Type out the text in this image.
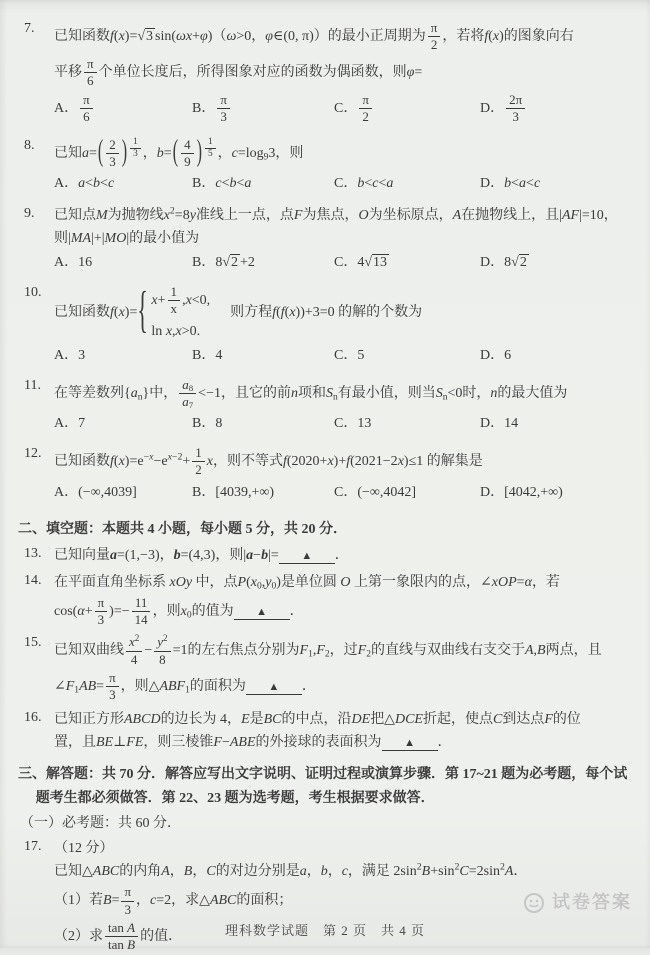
7.
已知函数f(x)=√3 sin(ωx+φ)（ω>0，φ∈(0, π)）的最小正周期为 $\frac{\pi}{2}$ ，若将f(x)的图象向右
平移 $\frac{\pi}{6}$ 个单位长度后，所得图象对应的函数为偶函数，则φ=
A． $\frac{\pi}{6}$	B． $\frac{\pi}{3}$	C． $\frac{\pi}{2}$	D． $\frac{2\pi}{3}$
8.
已知a= ( $\frac{2}{3}$ ) $^{\frac{1}{3}}$ ，b= ( $\frac{4}{9}$ ) $^{\frac{1}{5}}$ ，$c=\log_93$，则
A．a<b<c	B．c<b<a	C．b<c<a	D．b<a<c
9.	已知点M为抛物线$x^2=8y$准线上一点，点F为焦点，O为坐标原点，A在抛物线上，且|AF|=10，
则|MA|+|MO|的最小值为
A．16	B．8√2 +2	C．4√13	D．8√2
10.
已知函数f(x)= { $x+ \frac{1}{x} ,x<0$,
ln x,x>0.
　则方程f(f(x))+3=0 的解的个数为
A．3	B．4	C．5	D．6
11.
在等差数列$\{a_n\}$中， $\frac{a_8}{a_7} <-1$，且它的前n项和$S_n$有最小值，则当$S_n<0$时，n的最大值为
A．7	B．8	C．13	D．14
12.
已知函数$f(x)=e^{-x}-e^{x-2}+ \frac{1}{2}$ x，则不等式f(2020+x)+f(2021−2x)≤1 的解集是
A．(−∞,4039]	B．[4039,+∞)	C．(−∞,4042]	D．[4042,+∞)
二、填空题：本题共 4 小题，每小题 5 分，共 20 分．
13. 已知向量a=(1,−3)，b=(4,3)，则|a−b|= ▲ ．
14. 在平面直角坐标系 xOy 中，点$P(x_0,y_0)$是单位圆 O 上第一象限内的点，∠xOP=α，若
$\cos(\alpha+ \frac{\pi}{3}$ )=− $\frac{11}{14}$ ，则$x_0$的值为 ▲ ．
15.
已知双曲线 $\frac{x^2}{4} - \frac{y^2}{8} =1$的左右焦点分别为$F_1,F_2$，过$F_2$的直线与双曲线右支交于A,B两点，且
$\angle F_1AB= \frac{\pi}{3}$ ，则$\triangle ABF_1$的面积为 ▲ ．
16. 已知正方形ABCD的边长为 4，E是BC的中点，沿DE把△DCE折起，使点C到达点F的位
置，且BE⊥FE，则三棱锥F−ABE的外接球的表面积为 ▲ ．
三、解答题：共 70 分．解答应写出文字说明、证明过程或演算步骤．第 17~21 题为必考题，每个试
题考生都必须做答．第 22、23 题为选考题，考生根据要求做答．
（一）必考题：共 60 分．
17. （12 分）
已知△ABC的内角A，B，C的对边分别是a，b，c，满足 $2\sin^2B+\sin^2C=2\sin^2A$．
（1）若$B= \frac{\pi}{3}$ ，c=2，求△ABC的面积；
（2）求 $\frac{\text{tan A}}{\text{tan B}}$ 的值．
试卷答案
理科数学试题　第 2 页　共 4 页
